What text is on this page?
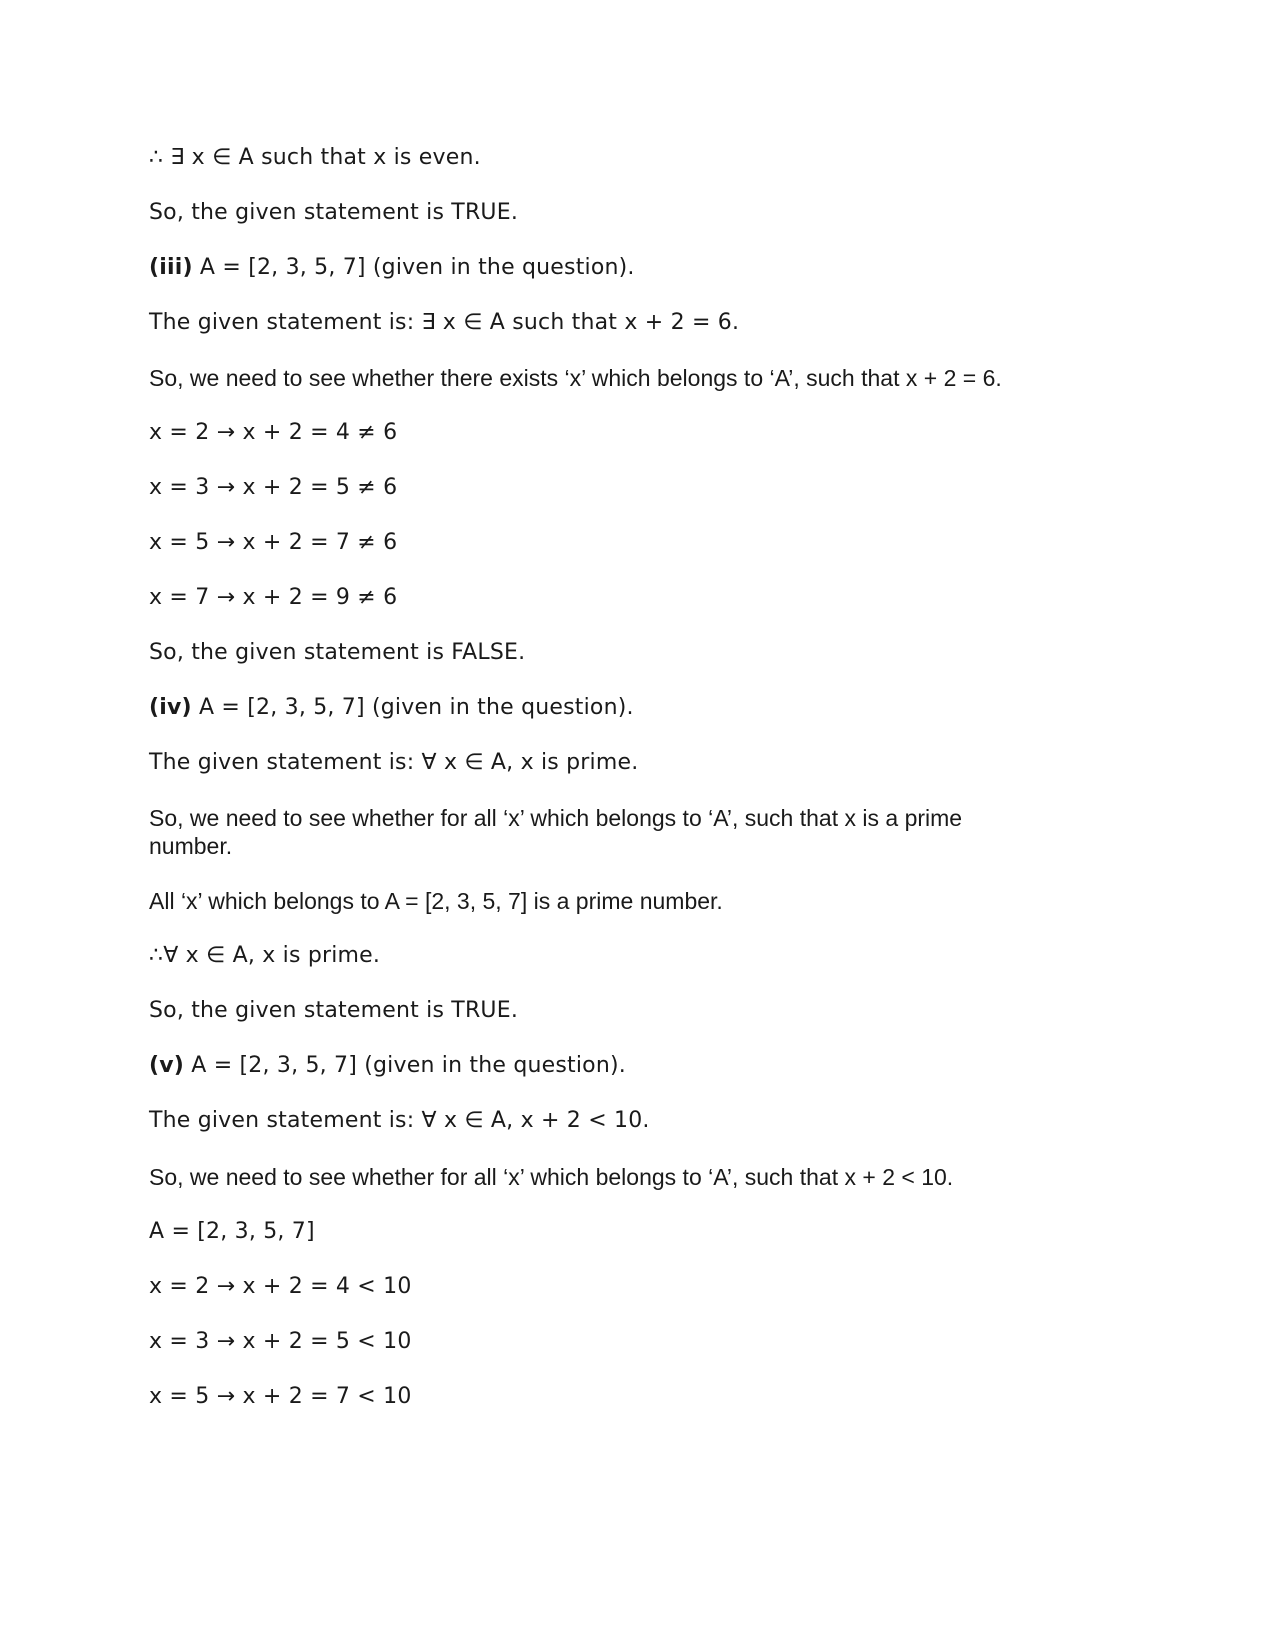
∴ ∃ x ∈ A such that x is even.

So, the given statement is TRUE.

(iii) A = [2, 3, 5, 7] (given in the question).

The given statement is: ∃ x ∈ A such that x + 2 = 6.

So, we need to see whether there exists ‘x’ which belongs to ‘A’, such that x + 2 = 6.

x = 2 → x + 2 = 4 ≠ 6

x = 3 → x + 2 = 5 ≠ 6

x = 5 → x + 2 = 7 ≠ 6

x = 7 → x + 2 = 9 ≠ 6

So, the given statement is FALSE.

(iv) A = [2, 3, 5, 7] (given in the question).

The given statement is: ∀ x ∈ A, x is prime.

So, we need to see whether for all ‘x’ which belongs to ‘A’, such that x is a prime
number.

All ‘x’ which belongs to A = [2, 3, 5, 7] is a prime number.

∴∀ x ∈ A, x is prime.

So, the given statement is TRUE.

(v) A = [2, 3, 5, 7] (given in the question).

The given statement is: ∀ x ∈ A, x + 2 < 10.

So, we need to see whether for all ‘x’ which belongs to ‘A’, such that x + 2 < 10.

A = [2, 3, 5, 7]

x = 2 → x + 2 = 4 < 10

x = 3 → x + 2 = 5 < 10

x = 5 → x + 2 = 7 < 10
